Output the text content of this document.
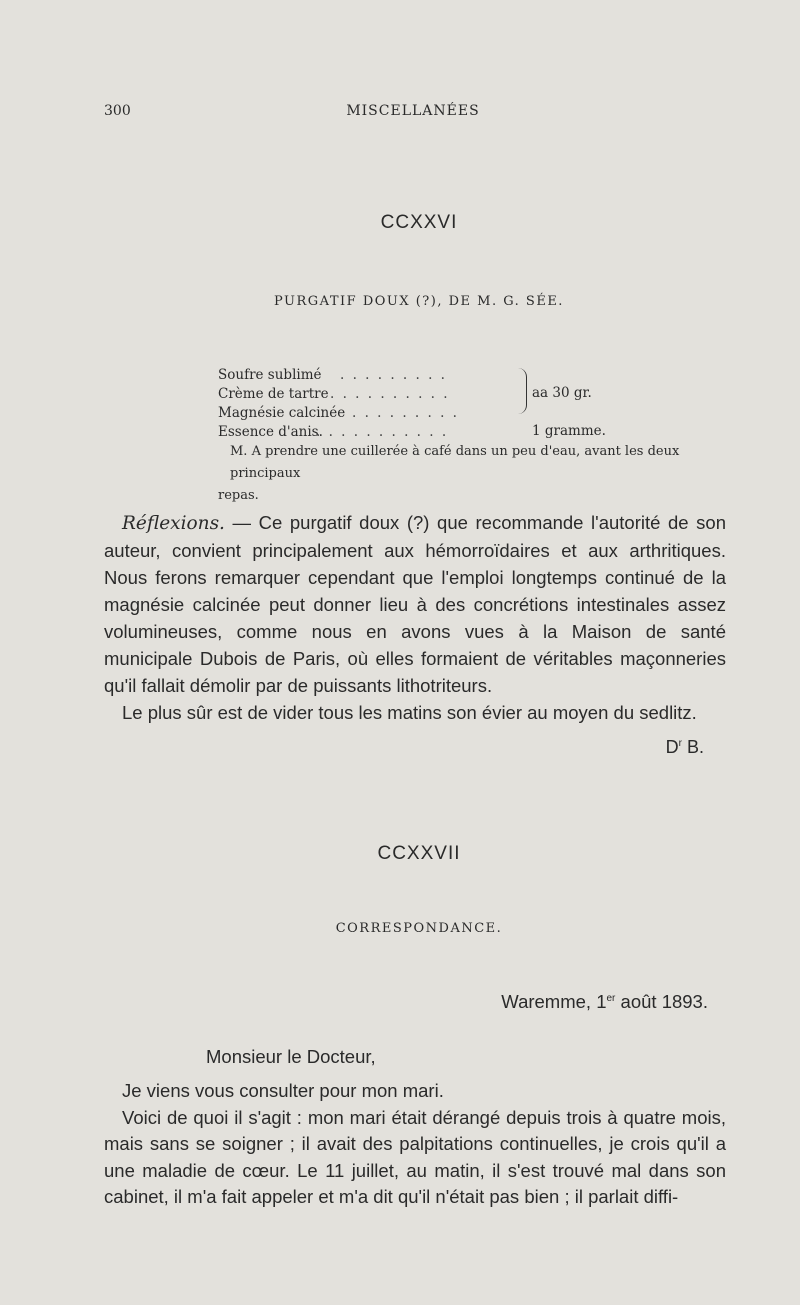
300	MISCELLANÉES
CCXXVI
PURGATIF DOUX (?), DE M. G. SÉE.
Soufre sublimé . . . . . . . . .
Crème de tartre . . . . . . . . . .
Magnésie calcinée . . . . . . . . .
Essence d'anis.
. . . . . . . . . . .
aa 30 gr.
1 gramme.
M. A prendre une cuillerée à café dans un peu d'eau, avant les deux principaux
repas.

Réflexions. — Ce purgatif doux (?) que recommande l'autorité de son auteur, convient principalement aux hémorroïdaires et aux arthritiques. Nous ferons remarquer cependant que l'emploi longtemps continué de la magnésie calcinée peut donner lieu à des concrétions intestinales assez volumineuses, comme nous en avons vues à la Maison de santé municipale Dubois de Paris, où elles formaient de véritables maçonneries qu'il fallait démolir par de puissants lithotriteurs.

Le plus sûr est de vider tous les matins son évier au moyen du sedlitz.

$D^r$ B.
CCXXVII
CORRESPONDANCE.
Waremme, 1er août 1893.
Monsieur le Docteur,

Je viens vous consulter pour mon mari.

Voici de quoi il s'agit : mon mari était dérangé depuis trois à quatre mois, mais sans se soigner ; il avait des palpitations continuelles, je crois qu'il a une maladie de cœur. Le 11 juillet, au matin, il s'est trouvé mal dans son cabinet, il m'a fait appeler et m'a dit qu'il n'était pas bien ; il parlait diffi-
